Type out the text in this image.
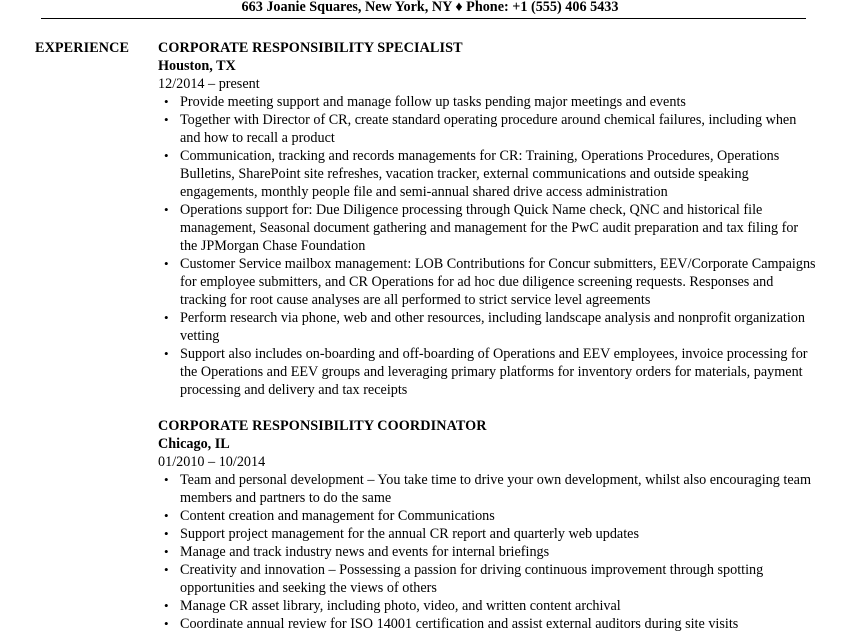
663 Joanie Squares, New York, NY ♦ Phone: +1 (555) 406 5433
EXPERIENCE CORPORATE RESPONSIBILITY SPECIALIST
Houston, TX
12/2014 – present
• Provide meeting support and manage follow up tasks pending major meetings and events
• Together with Director of CR, create standard operating procedure around chemical failures, including when and how to recall a product
• Communication, tracking and records managements for CR: Training, Operations Procedures, Operations Bulletins, SharePoint site refreshes, vacation tracker, external communications and outside speaking engagements, monthly people file and semi-annual shared drive access administration
• Operations support for: Due Diligence processing through Quick Name check, QNC and historical file management, Seasonal document gathering and management for the PwC audit preparation and tax filing for the JPMorgan Chase Foundation
• Customer Service mailbox management: LOB Contributions for Concur submitters, EEV/Corporate Campaigns for employee submitters, and CR Operations for ad hoc due diligence screening requests. Responses and tracking for root cause analyses are all performed to strict service level agreements
• Perform research via phone, web and other resources, including landscape analysis and nonprofit organization vetting
• Support also includes on-boarding and off-boarding of Operations and EEV employees, invoice processing for the Operations and EEV groups and leveraging primary platforms for inventory orders for materials, payment processing and delivery and tax receipts
CORPORATE RESPONSIBILITY COORDINATOR
Chicago, IL
01/2010 – 10/2014
• Team and personal development – You take time to drive your own development, whilst also encouraging team members and partners to do the same
• Content creation and management for Communications
• Support project management for the annual CR report and quarterly web updates
• Manage and track industry news and events for internal briefings
• Creativity and innovation – Possessing a passion for driving continuous improvement through spotting opportunities and seeking the views of others
• Manage CR asset library, including photo, video, and written content archival
• Coordinate annual review for ISO 14001 certification and assist external auditors during site visits
